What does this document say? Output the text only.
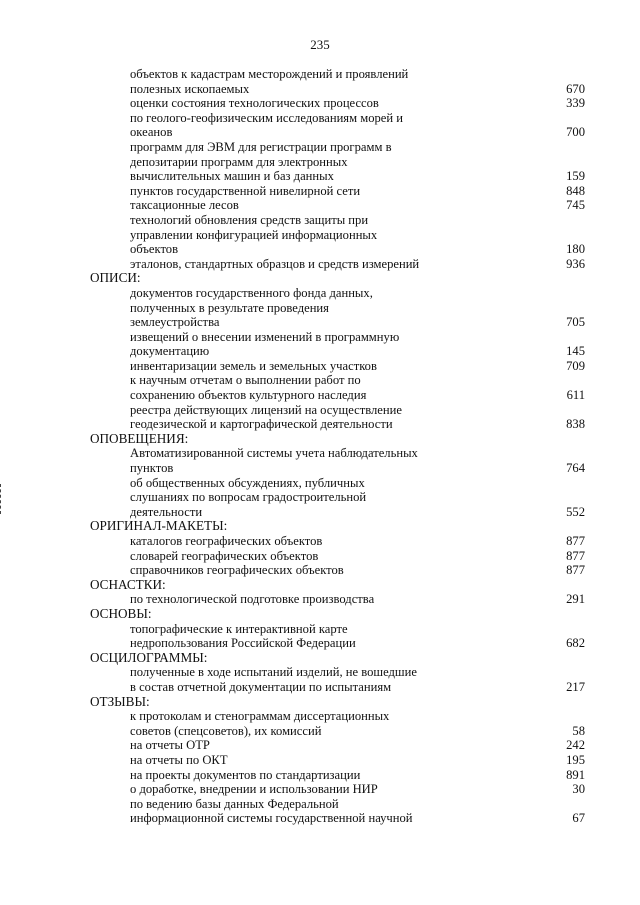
235
объектов к кадастрам месторождений и проявлений
полезных ископаемых	670
оценки состояния технологических процессов	339
по геолого-геофизическим исследованиям морей и
океанов	700
программ для ЭВМ для регистрации программ в
депозитарии программ для электронных
вычислительных машин и баз данных	159
пунктов государственной нивелирной сети	848
таксационные лесов	745
технологий обновления средств защиты при
управлении конфигурацией информационных
объектов	180
эталонов, стандартных образцов и средств измерений	936
ОПИСИ:
документов государственного фонда данных,
полученных в результате проведения
землеустройства	705
извещений о внесении изменений в программную
документацию	145
инвентаризации земель и земельных участков	709
к научным отчетам о выполнении работ по
сохранению объектов культурного наследия	611
реестра действующих лицензий на осуществление
геодезической и картографической деятельности	838
ОПОВЕЩЕНИЯ:
Автоматизированной системы учета наблюдательных
пунктов	764
об общественных обсуждениях, публичных
слушаниях по вопросам градостроительной
деятельности	552
ОРИГИНАЛ-МАКЕТЫ:
каталогов географических объектов	877
словарей географических объектов	877
справочников географических объектов	877
ОСНАСТКИ:
по технологической подготовке производства	291
ОСНОВЫ:
топографические к интерактивной карте
недропользования Российской Федерации	682
ОСЦИЛОГРАММЫ:
полученные в ходе испытаний изделий, не вошедшие
в состав отчетной документации по испытаниям	217
ОТЗЫВЫ:
к протоколам и стенограммам диссертационных
советов (спецсоветов), их комиссий	58
на отчеты ОТР	242
на отчеты по ОКТ	195
на проекты документов по стандартизации	891
о доработке, внедрении и использовании НИР	30
по ведению базы данных Федеральной
информационной системы государственной научной	67
